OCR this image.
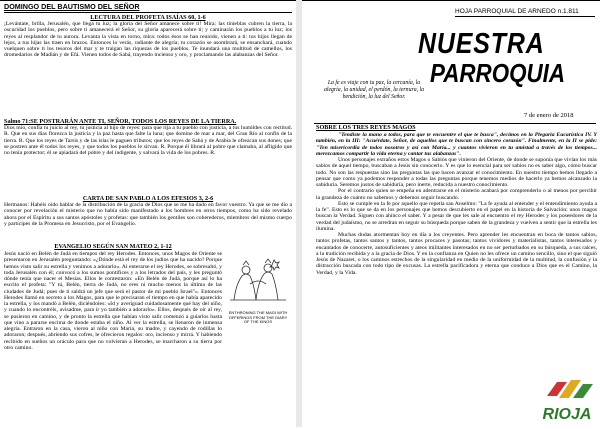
DOMINGO DEL BAUTISMO DEL SEÑOR

LECTURA DEL PROFETA ISAÍAS 60, 1-6

¡Levántate, brilla, Jerusalén, que llega tu luz; la gloria del Señor amanece sobre ti! Mira: las tinieblas cubren la tierra, la oscuridad los pueblos, pero sobre ti amanecerá el Señor, su gloria aparecerá sobre ti; y caminarán los pueblos a tu luz; los reyes al resplandor de tu aurora. Levanta la vista en torno, mira: todos ésos se han reunido, vienen a ti: tus hijos llegan de lejos, a tus hijas las traen en brazos. Entonces lo verás, radiante de alegría; tu corazón se asombrará, se ensanchará, cuando vuelquen sobre ti los tesoros del mar y te traigan las riquezas de los pueblos. Te inundará una multitud de camellos, los dromedarios de Madián y de Efá. Vienen todos de Sabá, trayendo incienso y oro, y proclamando las alabanzas del Señor.

Salmo 71:SE POSTRARÁN ANTE TI, SEÑOR, TODOS LOS REYES DE LA TIERRA.

Dios mío, confía tu juicio al rey, tu justicia al hijo de reyes: para que rija a tu pueblo con justicia, a tus humildes con rectitud. R. Que en sus días florezca la justicia y la paz hasta que falte la luna; que domine de mar a mar, del Gran Río al confín de la tierra. R. Que los reyes de Tarsis y de las islas le paguen tributos; que los reyes de Sabá y de Arabia le ofrezcan sus dones; que se postren ante él todos los reyes, y que todos los pueblos le sirvan. R. Porque él librará al pobre que clamaba, al afligido que no tenía protector; él se apiadará del pobre y del indigente, y salvará la vida de los pobres. R.

CARTA DE SAN PABLO A LOS EFESIOS 3, 2-6

Hermanos: Habéis oído hablar de la distribución de la gracia de Dios que se me ha dado en favor vuestro. Ya que se me dio a conocer por revelación el misterio que no había sido manifestado a los hombres en otros tiempos, como ha sido revelado ahora por el Espíritu a sus santos apóstoles y profetas: que también los gentiles son coherederos, miembros del mismo cuerpo y partícipes de la Promesa en Jesucristo, por el Evangelio.

EVANGELIO SEGÚN SAN MATEO 2, 1-12

Jesús nació en Belén de Judá en tiempos del rey Herodes. Entonces, unos Magos de Oriente se presentaron en Jerusalén preguntando: «¿Dónde está el rey de los judíos que ha nacido? Porque hemos visto salir su estrella y venimos a adorarlo». Al enterarse el rey Herodes, se sobresaltó, y toda Jerusalén con él; convocó a los sumos pontífices y a los letrados del país, y les preguntó dónde tenía que nacer el Mesías. Ellos le contestaron: «En Belén de Judá, porque así lo ha escrito el profeta: "Y tú, Belén, tierra de Judá, no eres ni mucho menos la última de las ciudades de Judá; pues de ti saldrá un jefe que será el pastor de mi pueblo Israel"». Entonces Herodes llamó en secreto a los Magos, para que le precisaran el tiempo en que había aparecido la estrella, y los mandó a Belén, diciéndoles: «Id y averiguad cuidadosamente qué hay del niño, y cuando lo encontréis, avisadme, para ir yo también a adorarlo». Ellos, después de oír al rey, se pusieron en camino, y de pronto la estrella que habían visto salir comenzó a guiarlos hasta que vino a pararse encima de donde estaba el niño. Al ver la estrella, se llenaron de inmensa alegría. Entraron en la casa, vieron al niño con María, su madre, y cayendo de rodillas lo adoraron; después, abriendo sus cofres, le ofrecieron regalos: oro, incienso y mirra. Y habiendo recibido en sueños un oráculo para que no volvieran a Herodes, se marcharon a su tierra por otro camino.

ENTHRONING THE MAGI WITH OFFERINGS FROM THE DIARY OF THE KINGS
HOJA PARROQUIAL DE ARNEDO n.1.811
NUESTRA
PARROQUIA
La fe es viaje con tu paz, la cercanía, la alegría, la unidad, el perdón, la ternura, la bendición, la luz del Señor.
7 de enero de 2018

SOBRE LOS TRES REYES MAGOS

"Tendiste la mano a todos, para que te encuentre el que te busca", decimos en la Plegaria Eucarística IV. Y también, en la III: "Acuérdate, Señor, de aquellos que te buscan con sincero corazón". Finalmente, en la II se pide: "Ten misericordia de todos nosotros y así con María... y cuantos vivieron en tu amistad a través de los tiempos... merezcamos compartir la vida eterna y cantar tus alabanzas".

Unos personajes extraños estos Magos o Sabios que vinieron del Oriente, de donde se suponía que vivían los más sabios de aquel tiempo, buscaban a Jesús sin conocerlo. Y es que lo esencial para ser sabios no es saber algo, cómo buscar todo. No son las respuestas sino las preguntas las que hacen avanzar el conocimiento. En nuestro tiempo hemos llegado a pensar que como ya podemos responder a todas las preguntas porque tenemos medios de hacerlo ya hemos alcanzado la sabiduría. Seremos justos de sabiduría, pero inerte, reducida a nuestro conocimiento.

Por el contrario quien se empeña en adentrarse en el misterio acabará por comprenderlo o al menos por percibir la grandeza de cuánto no sabemos y debemos seguir buscando.

Esto se cumple en la fe por aquello que repetía san Anselmo: "La fe ayuda al entender y el entendimiento ayuda a la fe". Esto es lo que se da en los personajes que hemos descubierto en el papel en la historia de Salvación: unos magos buscan la Verdad. Siguen con ahínco el saber. Y a pesar de que les sale al encuentro el rey Herodes y los poseedores de la verdad del judaísmo, no se arredran en seguir su búsqueda porque saben de la grandeza y vuelven a sentir que la estrella les ilumina.

Muchas dudas atormentan hoy en día a los creyentes. Pero aprender les encuentran en boca de tantos sabios, tantos profetas, tantos santos y tantos, tantos procaces y pasotas; tantos vividores y materialistas, tantos interesados y encantados de conocerte, autosuficientes y ateos militantes interesados en no ser perturbados en su búsqueda, a sus raíces, a la tradición recibida y a la gracia de Dios. Y en la confianza en Quien no les ofrece un camino sencillo, sino el que siguió Jesús de Nazaret, o los caminos estrechos de la singularidad en medio de la uniformidad de la multitud, la confusión y la distracción buscada con todo tipo de excusas. La estrella pacificadora y eterna que conduce a Dios que es el Camino, la Verdad, y la Vida.

RIOJA
